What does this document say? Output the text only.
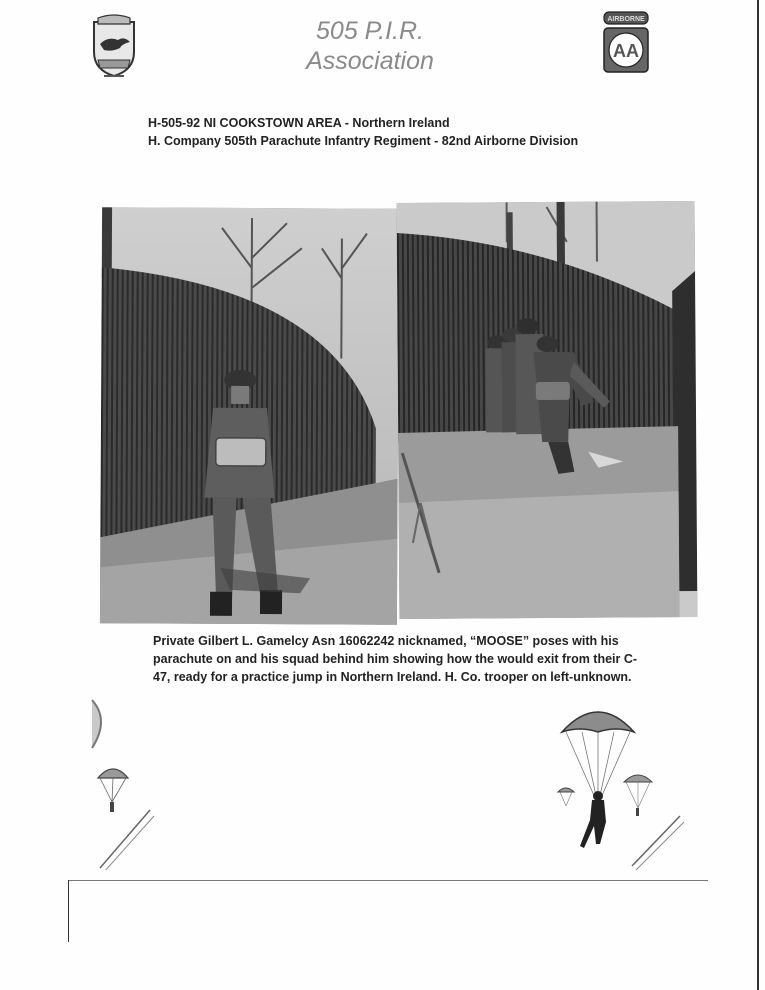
505 P.I.R.
Association
AIRBORNE
AA
H-505-92 NI COOKSTOWN AREA - Northern Ireland
H. Company 505th Parachute Infantry Regiment - 82nd Airborne Division
Private Gilbert L. Gamelcy Asn 16062242 nicknamed, “MOOSE” poses with his parachute on and his squad behind him showing how the would exit from their C-47, ready for a practice jump in Northern Ireland. H. Co. trooper on left-unknown.
